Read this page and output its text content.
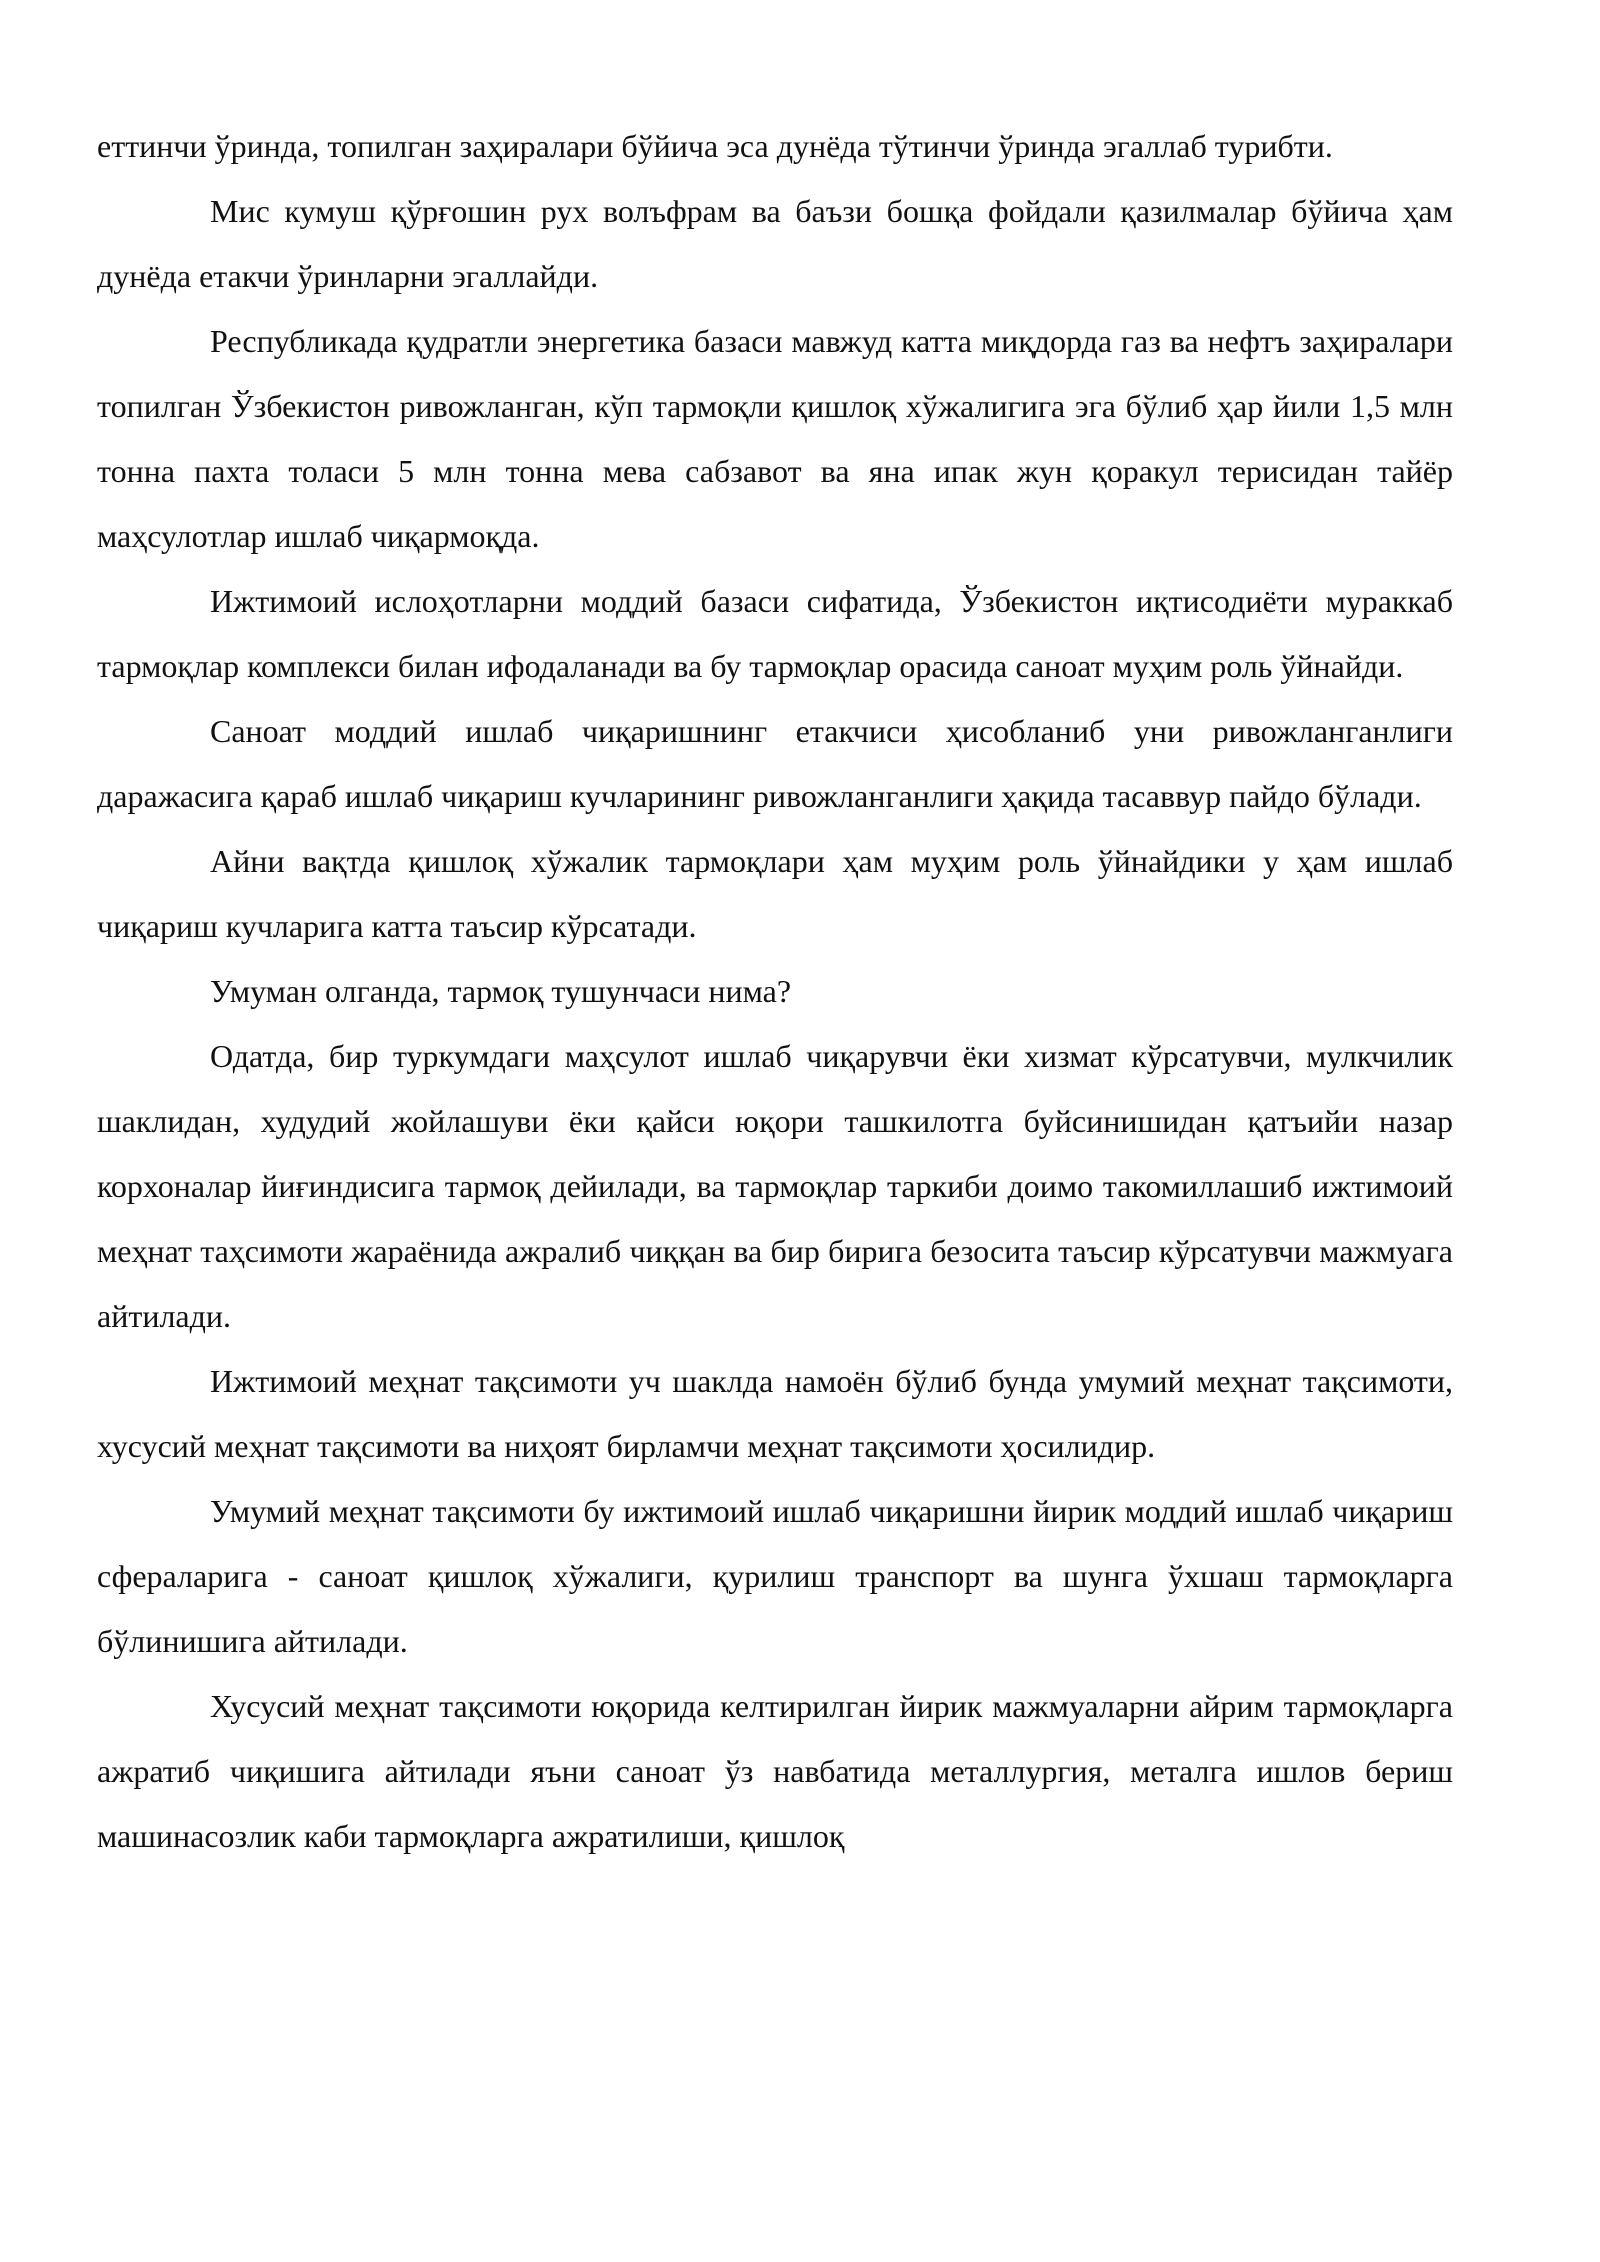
еттинчи ўринда, топилган заҳиралари бўйича эса дунёда тўтинчи ўринда эгаллаб турибти.

Мис кумуш қўрғошин рух волъфрам ва баъзи бошқа фойдали қазилмалар бўйича ҳам дунёда етакчи ўринларни эгаллайди.

Республикада қудратли энергетика базаси мавжуд катта миқдорда газ ва нефтъ заҳиралари топилган Ўзбекистон ривожланган, кўп тармоқли қишлоқ хўжалигига эга бўлиб ҳар йили 1,5 млн тонна пахта толаси 5 млн тонна мева сабзавот ва яна ипак жун қоракул терисидан тайёр маҳсулотлар ишлаб чиқармоқда.

Ижтимоий ислоҳотларни моддий базаси сифатида, Ўзбекистон иқтисодиёти мураккаб тармоқлар комплекси билан ифодаланади ва бу тармоқлар орасида саноат муҳим роль ўйнайди.

Саноат моддий ишлаб чиқаришнинг етакчиси ҳисобланиб уни ривожланганлиги даражасига қараб ишлаб чиқариш кучларининг ривожланганлиги ҳақида тасаввур пайдо бўлади.

Айни вақтда қишлоқ хўжалик тармоқлари ҳам муҳим роль ўйнайдики у ҳам ишлаб чиқариш кучларига катта таъсир кўрсатади.

Умуман олганда, тармоқ тушунчаси нима?

Одатда, бир туркумдаги маҳсулот ишлаб чиқарувчи ёки хизмат кўрсатувчи, мулкчилик шаклидан, худудий жойлашуви ёки қайси юқори ташкилотга буйсинишидан қатъийи назар корхоналар йиғиндисига тармоқ дейилади, ва тармоқлар таркиби доимо такомиллашиб ижтимоий меҳнат таҳсимоти жараёнида ажралиб чиққан ва бир бирига безосита таъсир кўрсатувчи мажмуага айтилади.

Ижтимоий меҳнат тақсимоти уч шаклда намоён бўлиб бунда умумий меҳнат тақсимоти, хусусий меҳнат тақсимоти ва ниҳоят бирламчи меҳнат тақсимоти ҳосилидир.

Умумий меҳнат тақсимоти бу ижтимоий ишлаб чиқаришни йирик моддий ишлаб чиқариш сфераларига - саноат қишлоқ хўжалиги, қурилиш транспорт ва шунга ўхшаш тармоқларга бўлинишига айтилади.

Хусусий меҳнат тақсимоти юқорида келтирилган йирик мажмуаларни айрим тармоқларга ажратиб чиқишига айтилади яъни саноат ўз навбатида металлургия, металга ишлов бериш машинасозлик каби тармоқларга ажратилиши, қишлоқ
